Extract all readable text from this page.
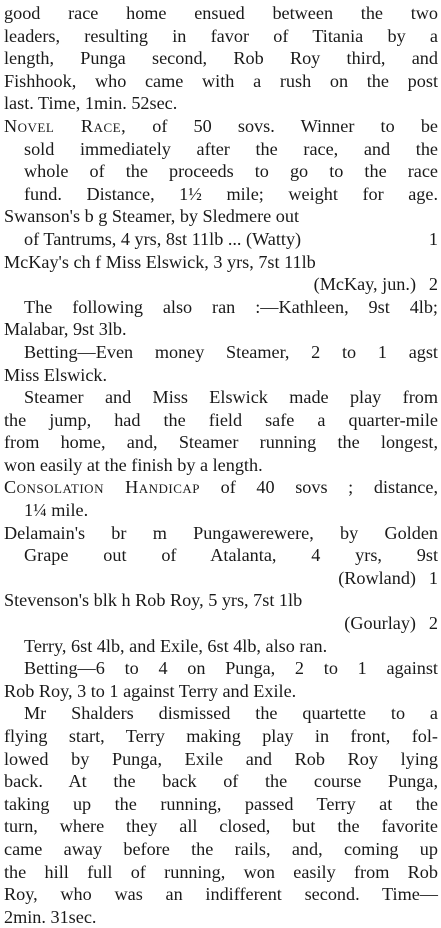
good race home ensued between the two
leaders, resulting in favor of Titania by a
length, Punga second, Rob Roy third, and
Fishhook, who came with a rush on the post
last. Time, 1min. 52sec.
Novel Race, of 50 sovs. Winner to be
sold immediately after the race, and the
whole of the proceeds to go to the race
fund. Distance, 1½ mile; weight for age.
Swanson's b g Steamer, by Sledmere out
of Tantrums, 4 yrs, 8st 11lb ... (Watty)	1
McKay's ch f Miss Elswick, 3 yrs, 7st 11lb
(McKay, jun.) 2
The following also ran :—Kathleen, 9st 4lb;
Malabar, 9st 3lb.
Betting—Even money Steamer, 2 to 1 agst
Miss Elswick.
Steamer and Miss Elswick made play from
the jump, had the field safe a quarter-mile
from home, and, Steamer running the longest,
won easily at the finish by a length.
Consolation Handicap of 40 sovs ; distance,
1¼ mile.
Delamain's br m Pungawerewere, by Golden
Grape out of Atalanta, 4 yrs, 9st
(Rowland) 1
Stevenson's blk h Rob Roy, 5 yrs, 7st 1lb
(Gourlay) 2
Terry, 6st 4lb, and Exile, 6st 4lb, also ran.
Betting—6 to 4 on Punga, 2 to 1 against
Rob Roy, 3 to 1 against Terry and Exile.
Mr Shalders dismissed the quartette to a
flying start, Terry making play in front, fol-
lowed by Punga, Exile and Rob Roy lying
back. At the back of the course Punga,
taking up the running, passed Terry at the
turn, where they all closed, but the favorite
came away before the rails, and, coming up
the hill full of running, won easily from Rob
Roy, who was an indifferent second. Time—
2min. 31sec.
